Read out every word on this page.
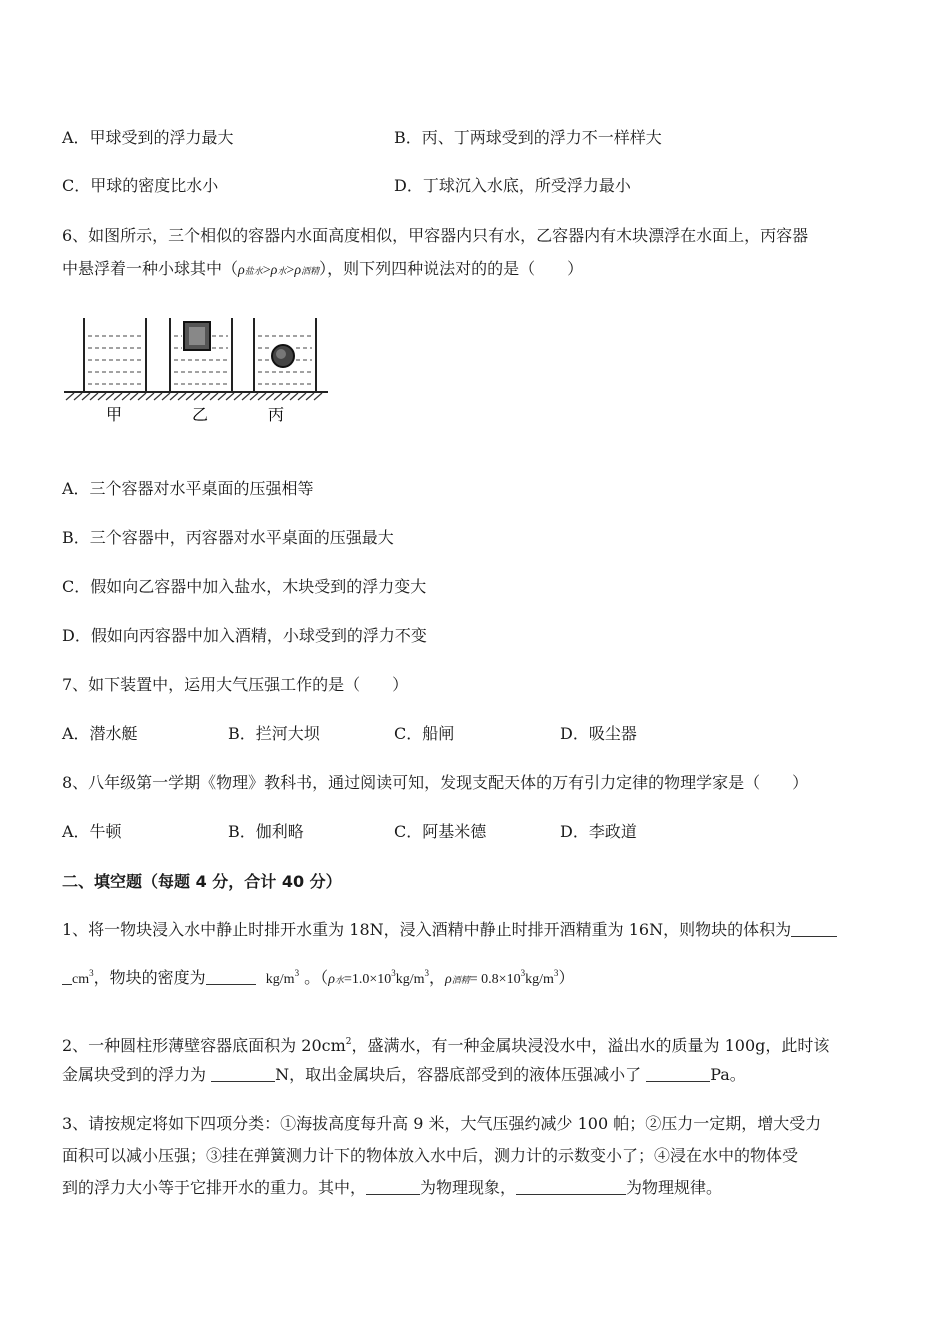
A．甲球受到的浮力最大	B．丙、丁两球受到的浮力不一样样大
C．甲球的密度比水小	D．丁球沉入水底，所受浮力最小
6、如图所示，三个相似的容器内水面高度相似，甲容器内只有水，乙容器内有木块漂浮在水面上，丙容器
中悬浮着一种小球其中（ρ盐水>ρ水>ρ酒精），则下列四种说法对的的是（　　）
甲	乙	丙
A．三个容器对水平桌面的压强相等
B．三个容器中，丙容器对水平桌面的压强最大
C．假如向乙容器中加入盐水，木块受到的浮力变大
D．假如向丙容器中加入酒精，小球受到的浮力不变
7、如下装置中，运用大气压强工作的是（　　）
A．潜水艇	B．拦河大坝	C．船闸	D．吸尘器
8、八年级第一学期《物理》教科书，通过阅读可知，发现支配天体的万有引力定律的物理学家是（　　）
A．牛顿	B．伽利略	C．阿基米德	D．李政道
二、填空题（每题 4 分，合计 40 分）
1、将一物块浸入水中静止时排开水重为 18N，浸入酒精中静止时排开酒精重为 16N，则物块的体积为
$cm^3$，物块的密度为	$kg/m^3$ 。（ρ水$=1.0\times 10^3kg/m^3$，ρ酒精= $0.8\times 10^3kg/m^3$）
2、一种圆柱形薄壁容器底面积为 $20cm^2$，盛满水，有一种金属块浸没水中，溢出水的质量为 100g，此时该
金属块受到的浮力为	N，取出金属块后，容器底部受到的液体压强减小了	Pa。
3、请按规定将如下四项分类：①海拔高度每升高 9 米，大气压强约减少 100 帕；②压力一定期，增大受力
面积可以减小压强；③挂在弹簧测力计下的物体放入水中后，测力计的示数变小了；④浸在水中的物体受
到的浮力大小等于它排开水的重力。其中，	为物理现象，	为物理规律。
